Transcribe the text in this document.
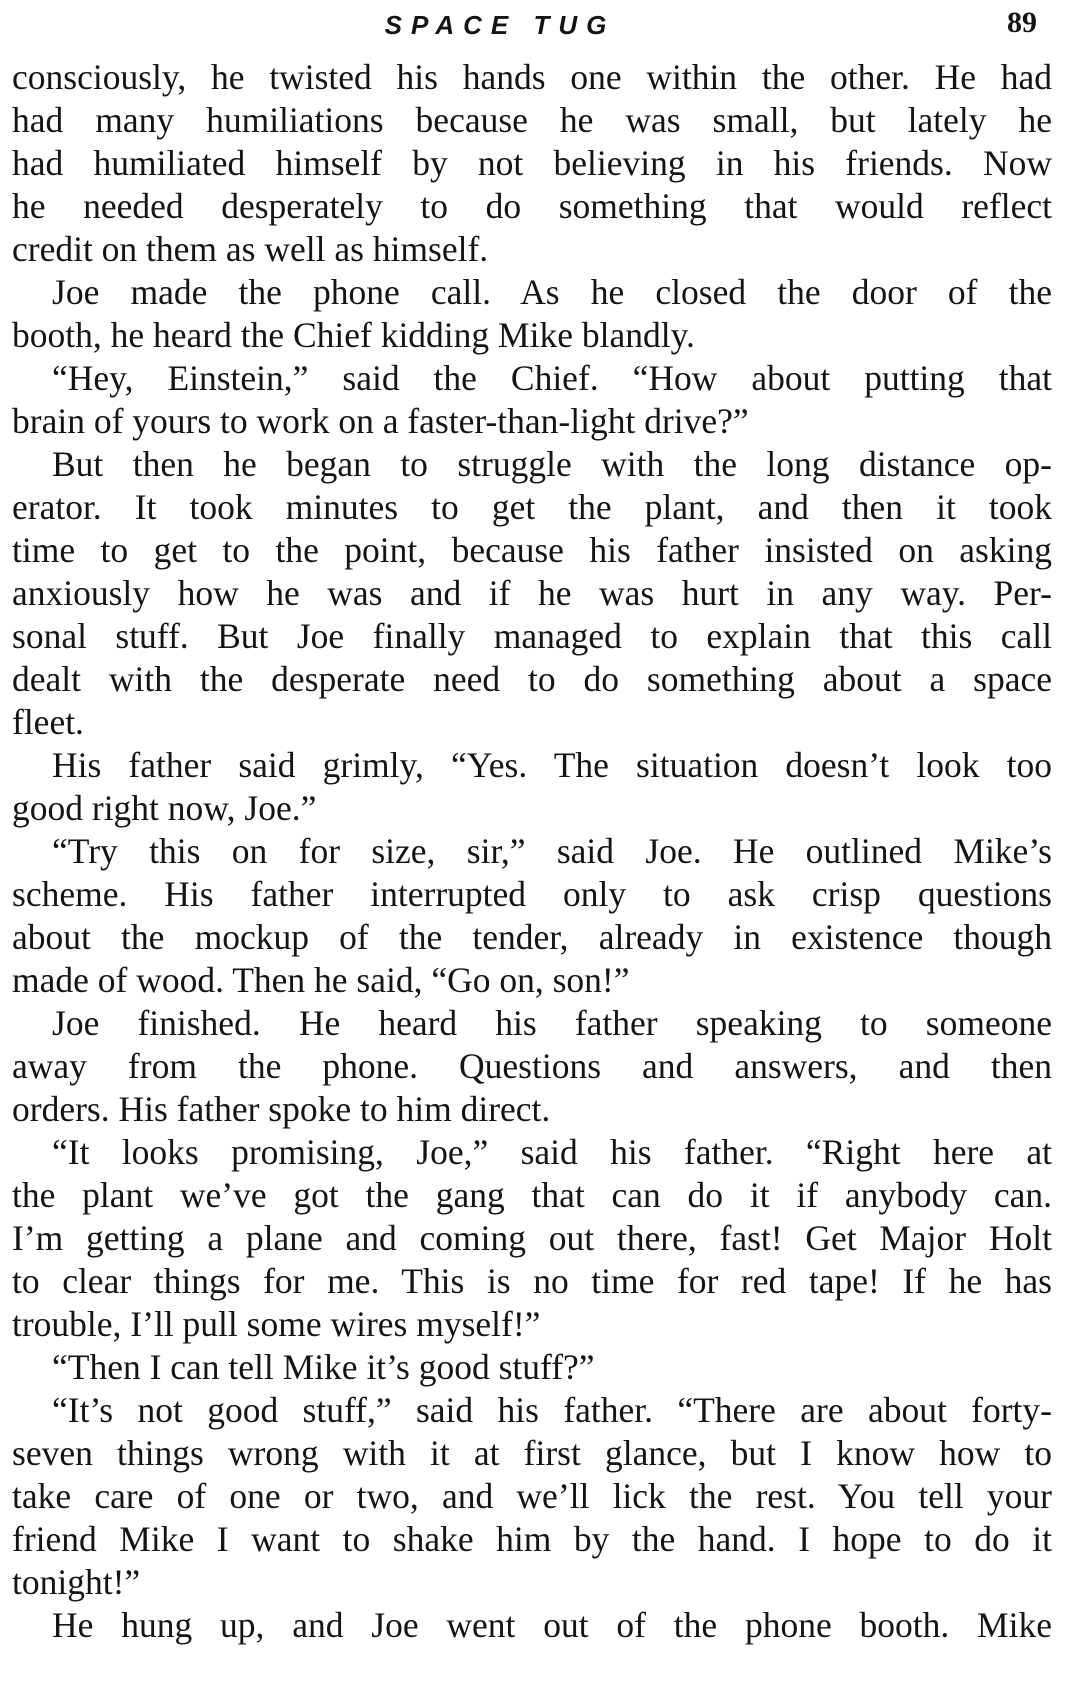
SPACE TUG	89
consciously, he twisted his hands one within the other. He had
had many humiliations because he was small, but lately he
had humiliated himself by not believing in his friends. Now
he needed desperately to do something that would reflect
credit on them as well as himself.
Joe made the phone call. As he closed the door of the
booth, he heard the Chief kidding Mike blandly.
“Hey, Einstein,” said the Chief. “How about putting that
brain of yours to work on a faster-than-light drive?”
But then he began to struggle with the long distance op-
erator. It took minutes to get the plant, and then it took
time to get to the point, because his father insisted on asking
anxiously how he was and if he was hurt in any way. Per-
sonal stuff. But Joe finally managed to explain that this call
dealt with the desperate need to do something about a space
fleet.
His father said grimly, “Yes. The situation doesn’t look too
good right now, Joe.”
“Try this on for size, sir,” said Joe. He outlined Mike’s
scheme. His father interrupted only to ask crisp questions
about the mockup of the tender, already in existence though
made of wood. Then he said, “Go on, son!”
Joe finished. He heard his father speaking to someone
away from the phone. Questions and answers, and then
orders. His father spoke to him direct.
“It looks promising, Joe,” said his father. “Right here at
the plant we’ve got the gang that can do it if anybody can.
I’m getting a plane and coming out there, fast! Get Major Holt
to clear things for me. This is no time for red tape! If he has
trouble, I’ll pull some wires myself!”
“Then I can tell Mike it’s good stuff?”
“It’s not good stuff,” said his father. “There are about forty-
seven things wrong with it at first glance, but I know how to
take care of one or two, and we’ll lick the rest. You tell your
friend Mike I want to shake him by the hand. I hope to do it
tonight!”
He hung up, and Joe went out of the phone booth. Mike
